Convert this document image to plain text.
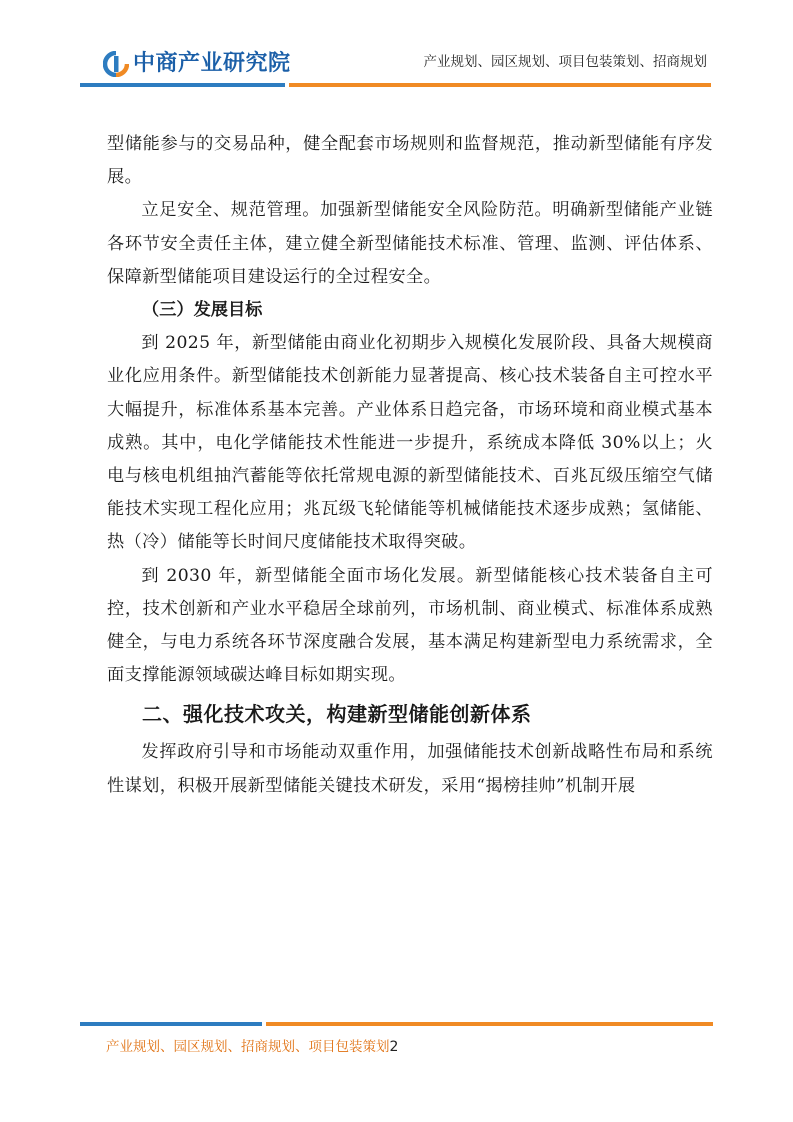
中商产业研究院	产业规划、园区规划、项目包装策划、招商规划

型储能参与的交易品种，健全配套市场规则和监督规范，推动新型储能有序发展。

立足安全、规范管理。加强新型储能安全风险防范。明确新型储能产业链各环节安全责任主体，建立健全新型储能技术标准、管理、监测、评估体系、保障新型储能项目建设运行的全过程安全。

（三）发展目标

到 2025 年，新型储能由商业化初期步入规模化发展阶段、具备大规模商业化应用条件。新型储能技术创新能力显著提高、核心技术装备自主可控水平大幅提升，标准体系基本完善。产业体系日趋完备，市场环境和商业模式基本成熟。其中，电化学储能技术性能进一步提升，系统成本降低 30%以上；火电与核电机组抽汽蓄能等依托常规电源的新型储能技术、百兆瓦级压缩空气储能技术实现工程化应用；兆瓦级飞轮储能等机械储能技术逐步成熟；氢储能、热（冷）储能等长时间尺度储能技术取得突破。

到 2030 年，新型储能全面市场化发展。新型储能核心技术装备自主可控，技术创新和产业水平稳居全球前列，市场机制、商业模式、标准体系成熟健全，与电力系统各环节深度融合发展，基本满足构建新型电力系统需求，全面支撑能源领域碳达峰目标如期实现。

二、强化技术攻关，构建新型储能创新体系

发挥政府引导和市场能动双重作用，加强储能技术创新战略性布局和系统性谋划，积极开展新型储能关键技术研发，采用“揭榜挂帅”机制开展

产业规划、园区规划、招商规划、项目包装策划2
